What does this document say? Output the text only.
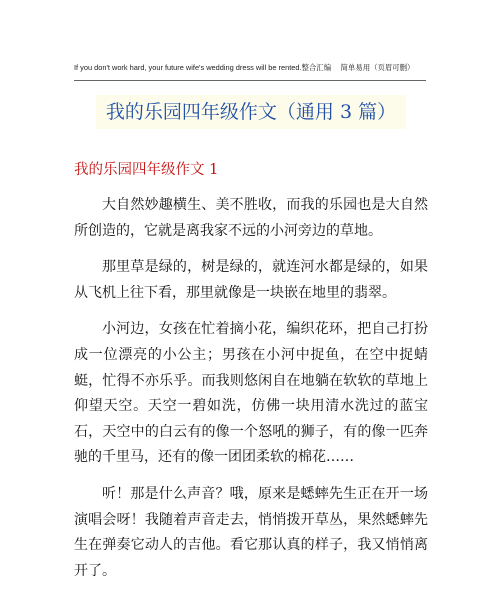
If you don't work hard, your future wife's wedding dress will be rented.整合汇编　 简单易用（页眉可删）
我的乐园四年级作文（通用 3 篇）
我的乐园四年级作文 1

大自然妙趣横生、美不胜收，而我的乐园也是大自然所创造的，它就是离我家不远的小河旁边的草地。

那里草是绿的，树是绿的，就连河水都是绿的，如果从飞机上往下看，那里就像是一块嵌在地里的翡翠。

小河边，女孩在忙着摘小花，编织花环，把自己打扮成一位漂亮的小公主；男孩在小河中捉鱼，在空中捉蜻蜓，忙得不亦乐乎。而我则悠闲自在地躺在软软的草地上仰望天空。天空一碧如洗，仿佛一块用清水洗过的蓝宝石，天空中的白云有的像一个怒吼的狮子，有的像一匹奔驰的千里马，还有的像一团团柔软的棉花……

听！那是什么声音？哦，原来是蟋蟀先生正在开一场演唱会呀！我随着声音走去，悄悄拨开草丛，果然蟋蟀先生在弹奏它动人的吉他。看它那认真的样子，我又悄悄离开了。
